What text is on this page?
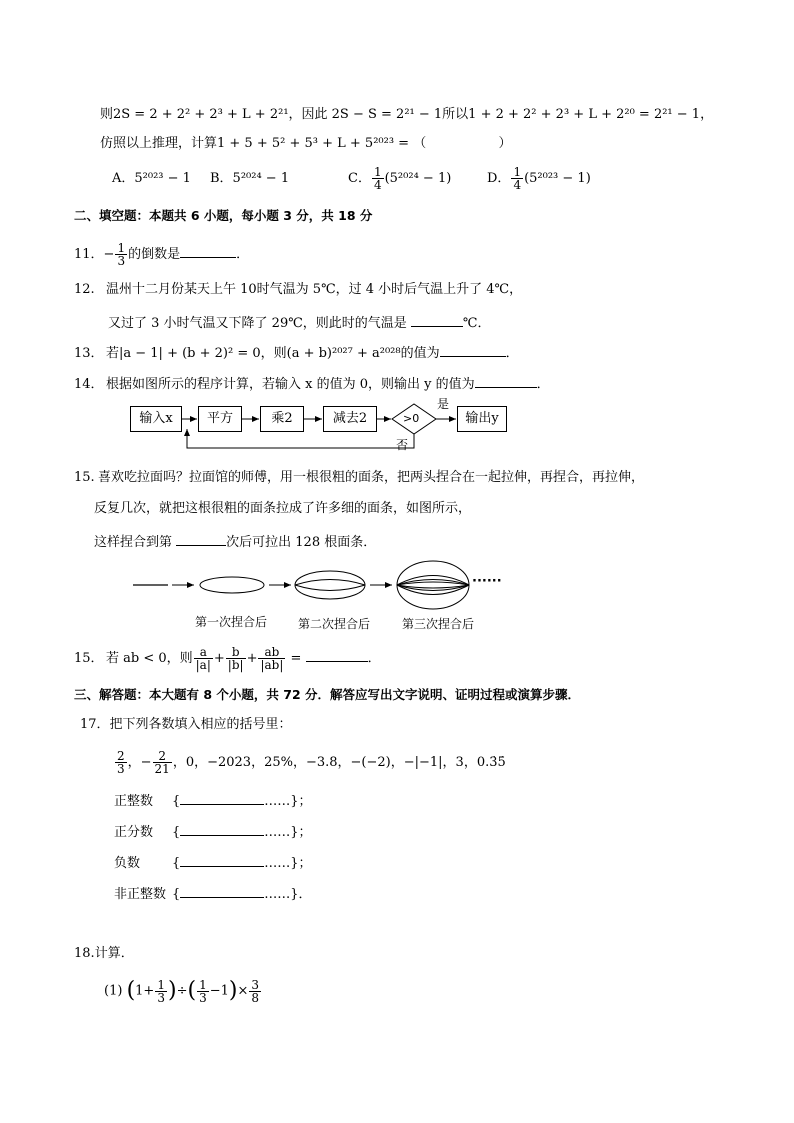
则2S = 2 + 2² + 2³ + L + 2²¹，因此 2S − S = 2²¹ − 1所以1 + 2 + 2² + 2³ + L + 2²⁰ = 2²¹ − 1，
仿照以上推理，计算1 + 5 + 5² + 5³ + L + 5²⁰²³ = （	）
A．5²⁰²³ − 1 B．5²⁰²⁴ − 1	C． $\frac{1}{4} (5^{2024} - 1)$	D． $\frac{1}{4} (5^{2023} - 1)$
二、填空题：本题共 6 小题，每小题 3 分，共 18 分
11．− $\frac{1}{3}$ 的倒数是	．
12. 温州十二月份某天上午 10时气温为 5℃，过 4 小时后气温上升了 4℃，
又过了 3 小时气温又下降了 29℃，则此时的气温是	℃．
13． 若|a − 1| + (b + 2)² = 0，则(a + b)²⁰²⁷ + a²⁰²⁸的值为	．
14． 根据如图所示的程序计算，若输入 x 的值为 0，则输出 y 的值为	．
输入x	平方	乘2	减去2	输出y
>0
是
否
15. 喜欢吃拉面吗？拉面馆的师傅，用一根很粗的面条，把两头捏合在一起拉伸，再捏合，再拉伸，
反复几次，就把这根很粗的面条拉成了许多细的面条，如图所示，
这样捏合到第	次后可拉出 128 根面条．
······
第一次捏合后	第二次捏合后	第三次捏合后
15． 若 ab < 0，则 $\frac{a}{|a|} + \frac{b}{|b|} + \frac{ab}{|ab|}$ =	．
三、解答题：本大题有 8 个小题，共 72 分．解答应写出文字说明、证明过程或演算步骤．
17．把下列各数填入相应的括号里：
$\frac{2}{3}$ ，− $\frac{2}{21}$ ，0，−2023，25%，−3.8，−(−2)，−|−1|，3，0.3̇5̇
正整数 {	……}；
正分数 {	……}；
负数 {	……}；
非正整数 {	……}．
18.计算．
(1) ($1+ \frac{1}{3}$ )÷( $\frac{1}{3} -1)\times \frac{3}{8}$
